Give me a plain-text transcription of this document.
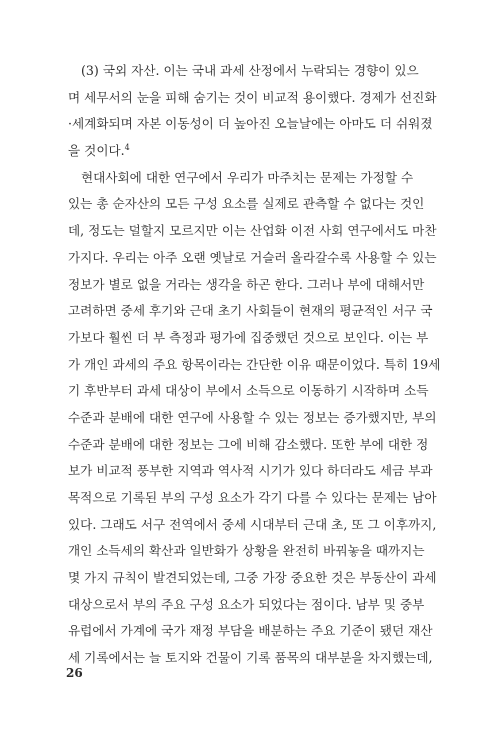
(3) 국외 자산. 이는 국내 과세 산정에서 누락되는 경향이 있으
며 세무서의 눈을 피해 숨기는 것이 비교적 용이했다. 경제가 선진화
·세계화되며 자본 이동성이 더 높아진 오늘날에는 아마도 더 쉬워졌
을 것이다.$^4$
현대사회에 대한 연구에서 우리가 마주치는 문제는 가정할 수
있는 총 순자산의 모든 구성 요소를 실제로 관측할 수 없다는 것인
데, 정도는 덜할지 모르지만 이는 산업화 이전 사회 연구에서도 마찬
가지다. 우리는 아주 오랜 옛날로 거슬러 올라갈수록 사용할 수 있는
정보가 별로 없을 거라는 생각을 하곤 한다. 그러나 부에 대해서만
고려하면 중세 후기와 근대 초기 사회들이 현재의 평균적인 서구 국
가보다 훨씬 더 부 측정과 평가에 집중했던 것으로 보인다. 이는 부
가 개인 과세의 주요 항목이라는 간단한 이유 때문이었다. 특히 19세
기 후반부터 과세 대상이 부에서 소득으로 이동하기 시작하며 소득
수준과 분배에 대한 연구에 사용할 수 있는 정보는 증가했지만, 부의
수준과 분배에 대한 정보는 그에 비해 감소했다. 또한 부에 대한 정
보가 비교적 풍부한 지역과 역사적 시기가 있다 하더라도 세금 부과
목적으로 기록된 부의 구성 요소가 각기 다를 수 있다는 문제는 남아
있다. 그래도 서구 전역에서 중세 시대부터 근대 초, 또 그 이후까지,
개인 소득세의 확산과 일반화가 상황을 완전히 바꿔놓을 때까지는
몇 가지 규칙이 발견되었는데, 그중 가장 중요한 것은 부동산이 과세
대상으로서 부의 주요 구성 요소가 되었다는 점이다. 남부 및 중부
유럽에서 가계에 국가 재정 부담을 배분하는 주요 기준이 됐던 재산
세 기록에서는 늘 토지와 건물이 기록 품목의 대부분을 차지했는데,
26
